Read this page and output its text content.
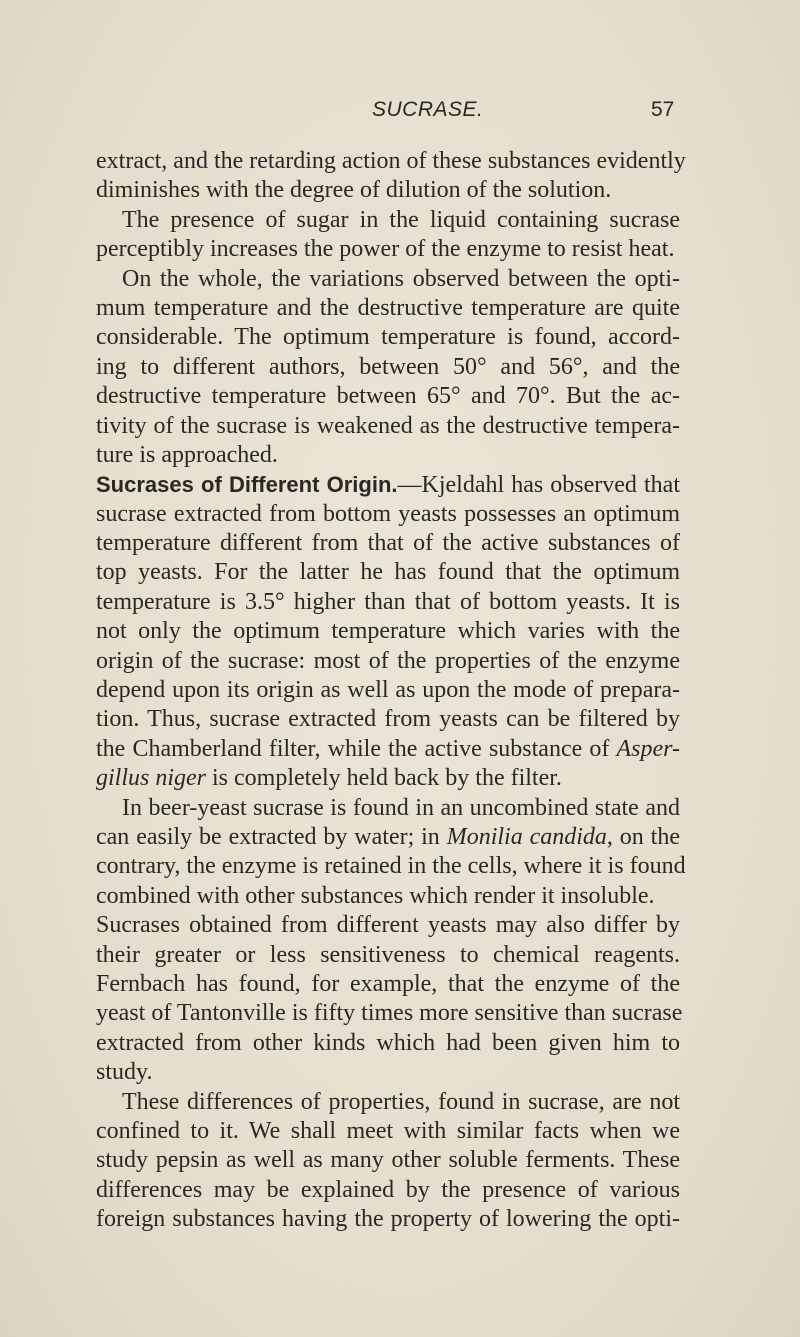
SUCRASE.	57
extract, and the retarding action of these substances evidently
diminishes with the degree of dilution of the solution.
The presence of sugar in the liquid containing sucrase
perceptibly increases the power of the enzyme to resist heat.
On the whole, the variations observed between the opti-
mum temperature and the destructive temperature are quite
considerable. The optimum temperature is found, accord-
ing to different authors, between 50° and 56°, and the
destructive temperature between 65° and 70°. But the ac-
tivity of the sucrase is weakened as the destructive tempera-
ture is approached.
Sucrases of Different Origin.—Kjeldahl has observed that
sucrase extracted from bottom yeasts possesses an optimum
temperature different from that of the active substances of
top yeasts. For the latter he has found that the optimum
temperature is 3.5° higher than that of bottom yeasts. It is
not only the optimum temperature which varies with the
origin of the sucrase: most of the properties of the enzyme
depend upon its origin as well as upon the mode of prepara-
tion. Thus, sucrase extracted from yeasts can be filtered by
the Chamberland filter, while the active substance of Asper-
gillus niger is completely held back by the filter.
In beer-yeast sucrase is found in an uncombined state and
can easily be extracted by water; in Monilia candida, on the
contrary, the enzyme is retained in the cells, where it is found
combined with other substances which render it insoluble.
Sucrases obtained from different yeasts may also differ by
their greater or less sensitiveness to chemical reagents.
Fernbach has found, for example, that the enzyme of the
yeast of Tantonville is fifty times more sensitive than sucrase
extracted from other kinds which had been given him to
study.
These differences of properties, found in sucrase, are not
confined to it. We shall meet with similar facts when we
study pepsin as well as many other soluble ferments. These
differences may be explained by the presence of various
foreign substances having the property of lowering the opti-
